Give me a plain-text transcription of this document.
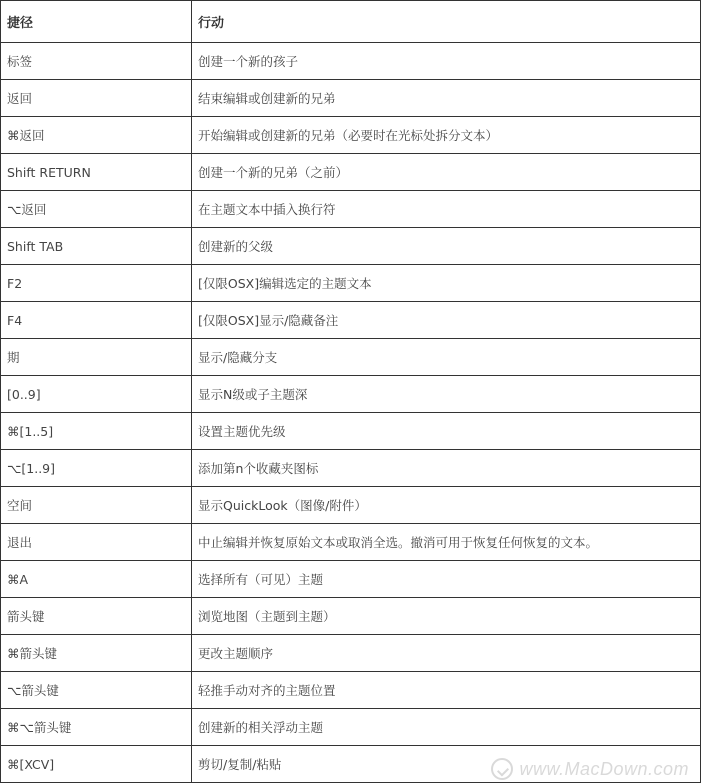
捷径	行动
标签	创建一个新的孩子
返回	结束编辑或创建新的兄弟
⌘返回	开始编辑或创建新的兄弟（必要时在光标处拆分文本）
Shift RETURN	创建一个新的兄弟（之前）
⌥返回	在主题文本中插入换行符
Shift TAB	创建新的父级
F2	[仅限OSX]编辑选定的主题文本
F4	[仅限OSX]显示/隐藏备注
期	显示/隐藏分支
[0..9]	显示N级或子主题深
⌘[1..5]	设置主题优先级
⌥[1..9]	添加第n个收藏夹图标
空间	显示QuickLook（图像/附件）
退出	中止编辑并恢复原始文本或取消全选。撤消可用于恢复任何恢复的文本。
⌘A	选择所有（可见）主题
箭头键	浏览地图（主题到主题）
⌘箭头键	更改主题顺序
⌥箭头键	轻推手动对齐的主题位置
⌘⌥箭头键	创建新的相关浮动主题
⌘[XCV]	剪切/复制/粘贴	www.MacDown.com
